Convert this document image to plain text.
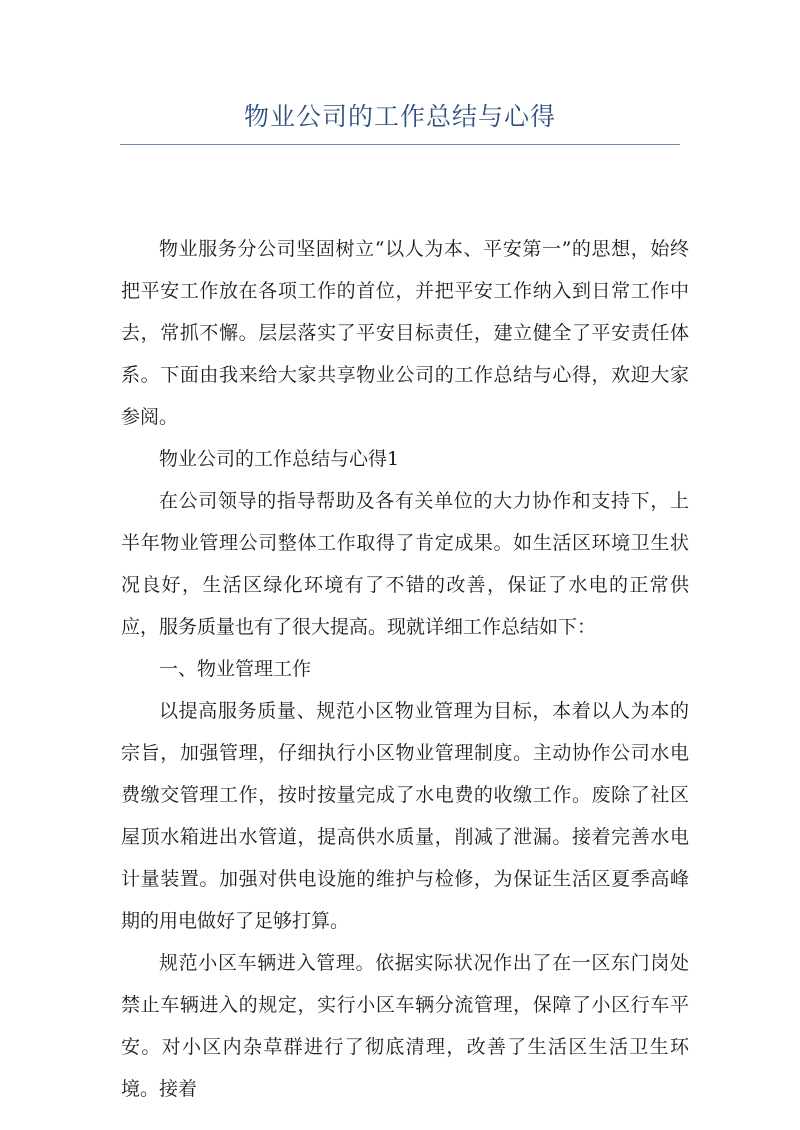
物业公司的工作总结与心得

物业服务分公司坚固树立“以人为本、平安第一”的思想，始终把平安工作放在各项工作的首位，并把平安工作纳入到日常工作中去，常抓不懈。层层落实了平安目标责任，建立健全了平安责任体系。下面由我来给大家共享物业公司的工作总结与心得，欢迎大家参阅。

物业公司的工作总结与心得1

在公司领导的指导帮助及各有关单位的大力协作和支持下，上半年物业管理公司整体工作取得了肯定成果。如生活区环境卫生状况良好，生活区绿化环境有了不错的改善，保证了水电的正常供应，服务质量也有了很大提高。现就详细工作总结如下：

一、物业管理工作

以提高服务质量、规范小区物业管理为目标，本着以人为本的宗旨，加强管理，仔细执行小区物业管理制度。主动协作公司水电费缴交管理工作，按时按量完成了水电费的收缴工作。废除了社区屋顶水箱进出水管道，提高供水质量，削减了泄漏。接着完善水电计量装置。加强对供电设施的维护与检修，为保证生活区夏季高峰期的用电做好了足够打算。

规范小区车辆进入管理。依据实际状况作出了在一区东门岗处禁止车辆进入的规定，实行小区车辆分流管理，保障了小区行车平安。对小区内杂草群进行了彻底清理，改善了生活区生活卫生环境。接着
